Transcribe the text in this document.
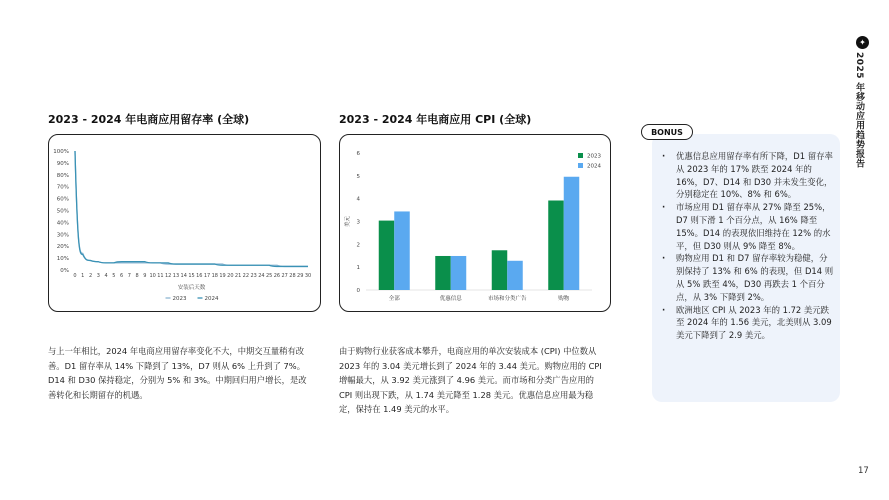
✦
2025 年移动应用趋势报告
2023 - 2024 年电商应用留存率 (全球)
0%
10%
20%
30%
40%
50%
60%
70%
80%
90%
100%
0 1 2 3 4 5 6 7 8 9 10 11 12 13 14 15 16 17 18 19 20 21 22 23 24 25 26 27 28 29 30
安装后天数
2023	2024
与上一年相比，2024 年电商应用留存率变化不大，中期交互量稍有改善。D1 留存率从 14% 下降到了 13%，D7 则从 6% 上升到了 7%。D14 和 D30 保持稳定，分别为 5% 和 3%。中期回归用户增长，是改善转化和长期留存的机遇。
2023 - 2024 年电商应用 CPI (全球)
0
1
2
3
4
5
6
美元
全部	优惠信息	市场和分类广告	购物
2023
2024
由于购物行业获客成本攀升，电商应用的单次安装成本 (CPI) 中位数从 2023 年的 3.04 美元增长到了 2024 年的 3.44 美元。购物应用的 CPI 增幅最大，从 3.92 美元涨到了 4.96 美元。而市场和分类广告应用的 CPI 则出现下跌，从 1.74 美元降至 1.28 美元。优惠信息应用最为稳定，保持在 1.49 美元的水平。
BONUS
· 优惠信息应用留存率有所下降，D1 留存率从 2023 年的 17% 跌至 2024 年的 16%，D7、D14 和 D30 并未发生变化，分别稳定在 10%、8% 和 6%。
· 市场应用 D1 留存率从 27% 降至 25%，D7 则下滑 1 个百分点，从 16% 降至 15%。D14 的表现依旧维持在 12% 的水平，但 D30 则从 9% 降至 8%。
· 购物应用 D1 和 D7 留存率较为稳健，分别保持了 13% 和 6% 的表现，但 D14 则从 5% 跌至 4%，D30 再跌去 1 个百分点，从 3% 下降到 2%。
· 欧洲地区 CPI 从 2023 年的 1.72 美元跌至 2024 年的 1.56 美元，北美则从 3.09 美元下降到了 2.9 美元。
17
